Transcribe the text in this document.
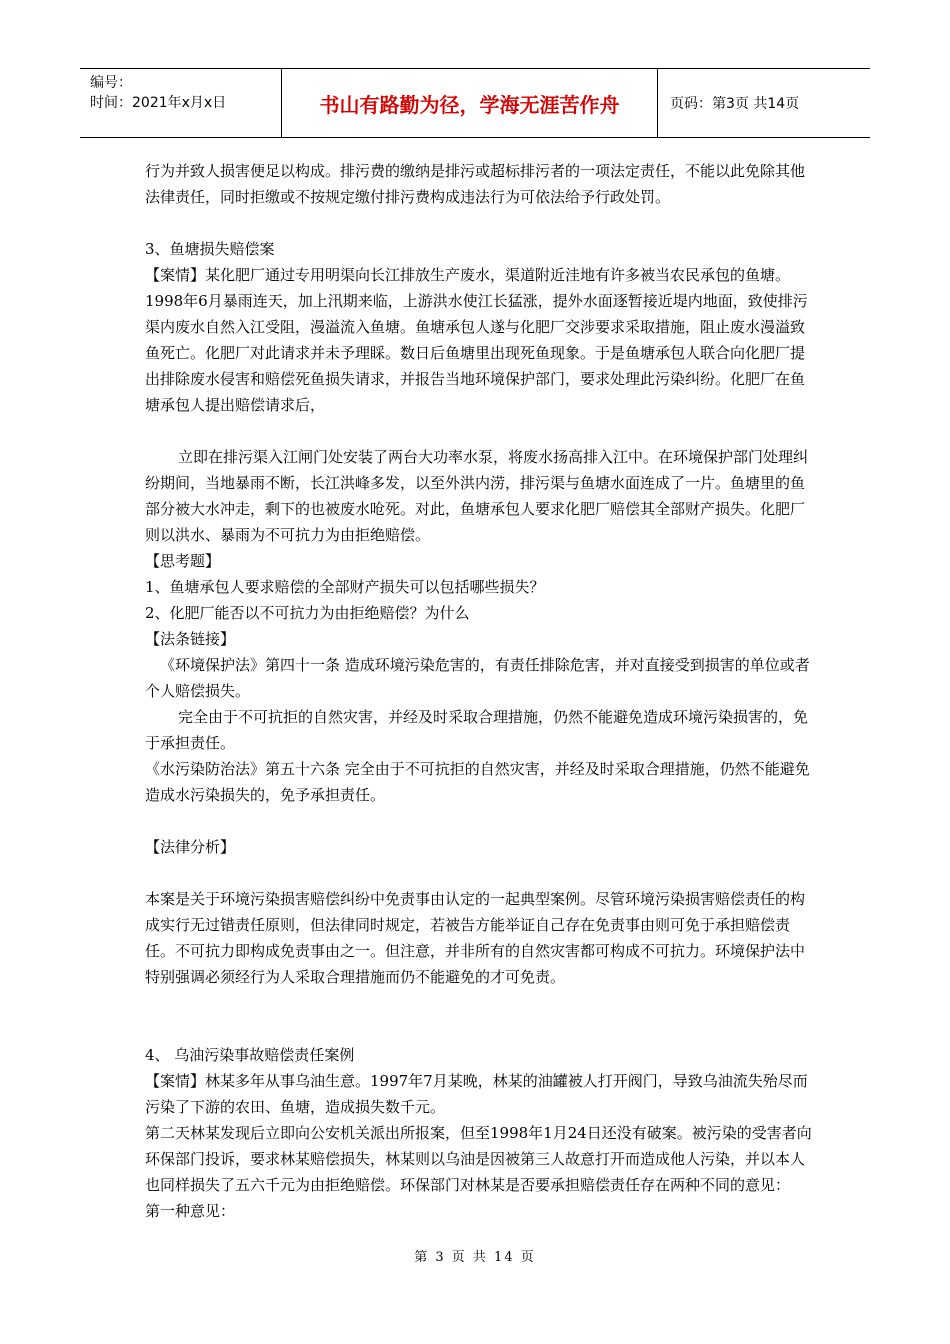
编号：
时间：2021年x月x日	书山有路勤为径，学海无涯苦作舟	页码：第3页 共14页

行为并致人损害便足以构成。排污费的缴纳是排污或超标排污者的一项法定责任，不能以此免除其他法律责任，同时拒缴或不按规定缴付排污费构成违法行为可依法给予行政处罚。

3、鱼塘损失赔偿案

【案情】某化肥厂通过专用明渠向长江排放生产废水，渠道附近洼地有许多被当农民承包的鱼塘。1998年6月暴雨连天，加上汛期来临，上游洪水使江长猛涨，提外水面逐暂接近堤内地面，致使排污渠内废水自然入江受阻，漫溢流入鱼塘。鱼塘承包人遂与化肥厂交涉要求采取措施，阻止废水漫溢致鱼死亡。化肥厂对此请求并未予理睬。数日后鱼塘里出现死鱼现象。于是鱼塘承包人联合向化肥厂提出排除废水侵害和赔偿死鱼损失请求，并报告当地环境保护部门，要求处理此污染纠纷。化肥厂在鱼塘承包人提出赔偿请求后，

立即在排污渠入江闸门处安装了两台大功率水泵，将废水扬高排入江中。在环境保护部门处理纠纷期间，当地暴雨不断，长江洪峰多发，以至外洪内涝，排污渠与鱼塘水面连成了一片。鱼塘里的鱼部分被大水冲走，剩下的也被废水呛死。对此，鱼塘承包人要求化肥厂赔偿其全部财产损失。化肥厂则以洪水、暴雨为不可抗力为由拒绝赔偿。

【思考题】

1、鱼塘承包人要求赔偿的全部财产损失可以包括哪些损失？

2、化肥厂能否以不可抗力为由拒绝赔偿？为什么

【法条链接】

《环境保护法》第四十一条 造成环境污染危害的，有责任排除危害，并对直接受到损害的单位或者个人赔偿损失。

完全由于不可抗拒的自然灾害，并经及时采取合理措施，仍然不能避免造成环境污染损害的，免于承担责任。

《水污染防治法》第五十六条 完全由于不可抗拒的自然灾害，并经及时采取合理措施，仍然不能避免造成水污染损失的，免予承担责任。

【法律分析】

本案是关于环境污染损害赔偿纠纷中免责事由认定的一起典型案例。尽管环境污染损害赔偿责任的构成实行无过错责任原则，但法律同时规定，若被告方能举证自己存在免责事由则可免于承担赔偿责任。不可抗力即构成免责事由之一。但注意，并非所有的自然灾害都可构成不可抗力。环境保护法中特别强调必须经行为人采取合理措施而仍不能避免的才可免责。

4、 乌油污染事故赔偿责任案例

【案情】林某多年从事乌油生意。1997年7月某晚，林某的油罐被人打开阀门，导致乌油流失殆尽而污染了下游的农田、鱼塘，造成损失数千元。

第二天林某发现后立即向公安机关派出所报案，但至1998年1月24日还没有破案。被污染的受害者向环保部门投诉，要求林某赔偿损失，林某则以乌油是因被第三人故意打开而造成他人污染，并以本人也同样损失了五六千元为由拒绝赔偿。环保部门对林某是否要承担赔偿责任存在两种不同的意见：

第一种意见：

第 3 页 共 14 页
